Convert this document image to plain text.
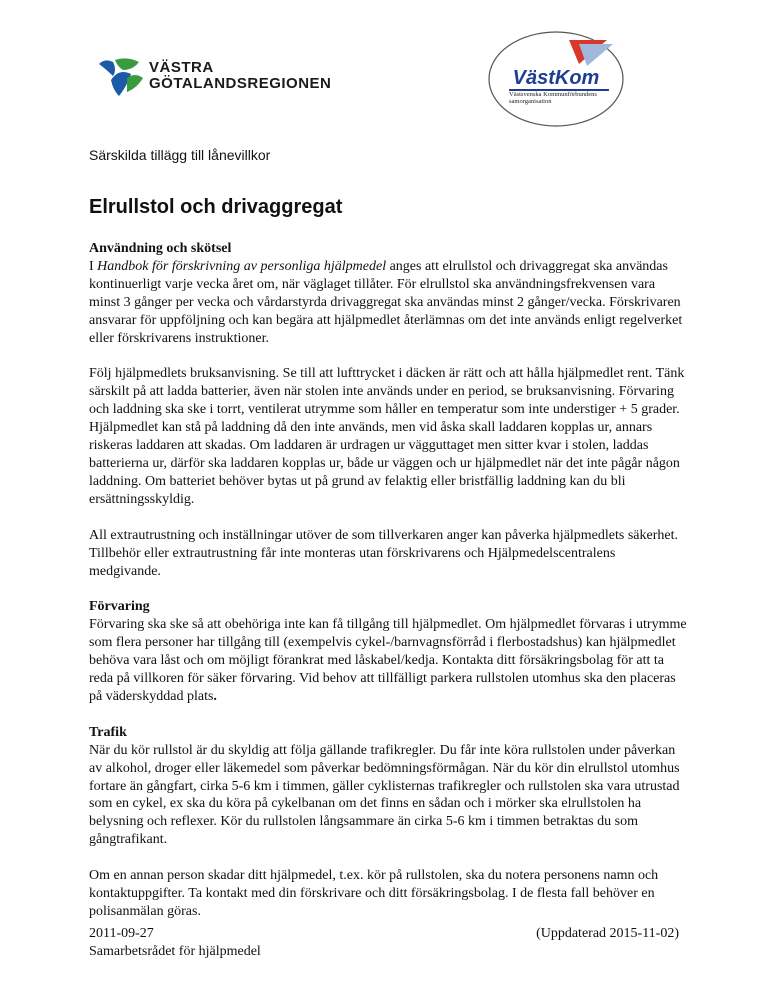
VÄSTRA
GÖTALANDSREGIONEN	VästKom
Västsvenska Kommunförbundens samorganisation
Särskilda tillägg till lånevillkor
Elrullstol och drivaggregat

Användning och skötsel
I Handbok för förskrivning av personliga hjälpmedel anges att elrullstol och drivaggregat ska användas kontinuerligt varje vecka året om, när väglaget tillåter. För elrullstol ska användningsfrekvensen vara minst 3 gånger per vecka och vårdarstyrda drivaggregat ska användas minst 2 gånger/vecka. Förskrivaren ansvarar för uppföljning och kan begära att hjälpmedlet återlämnas om det inte används enligt regelverket eller förskrivarens instruktioner.

Följ hjälpmedlets bruksanvisning. Se till att lufttrycket i däcken är rätt och att hålla hjälpmedlet rent. Tänk särskilt på att ladda batterier, även när stolen inte används under en period, se bruksanvisning. Förvaring och laddning ska ske i torrt, ventilerat utrymme som håller en temperatur som inte understiger + 5 grader. Hjälpmedlet kan stå på laddning då den inte används, men vid åska skall laddaren kopplas ur, annars riskeras laddaren att skadas. Om laddaren är urdragen ur vägguttaget men sitter kvar i stolen, laddas batterierna ur, därför ska laddaren kopplas ur, både ur väggen och ur hjälpmedlet när det inte pågår någon laddning. Om batteriet behöver bytas ut på grund av felaktig eller bristfällig laddning kan du bli ersättningsskyldig.

All extrautrustning och inställningar utöver de som tillverkaren anger kan påverka hjälpmedlets säkerhet. Tillbehör eller extrautrustning får inte monteras utan förskrivarens och Hjälpmedelscentralens medgivande.

Förvaring
Förvaring ska ske så att obehöriga inte kan få tillgång till hjälpmedlet. Om hjälpmedlet förvaras i utrymme som flera personer har tillgång till (exempelvis cykel-/barnvagnsförråd i flerbostadshus) kan hjälpmedlet behöva vara låst och om möjligt förankrat med låskabel/kedja. Kontakta ditt försäkringsbolag för att ta reda på villkoren för säker förvaring. Vid behov att tillfälligt parkera rullstolen utomhus ska den placeras på väderskyddad plats.

Trafik
När du kör rullstol är du skyldig att följa gällande trafikregler. Du får inte köra rullstolen under påverkan av alkohol, droger eller läkemedel som påverkar bedömningsförmågan. När du kör din elrullstol utomhus fortare än gångfart, cirka 5-6 km i timmen, gäller cyklisternas trafikregler och rullstolen ska vara utrustad som en cykel, ex ska du köra på cykelbanan om det finns en sådan och i mörker ska elrullstolen ha belysning och reflexer. Kör du rullstolen långsammare än cirka 5-6 km i timmen betraktas du som gångtrafikant.

Om en annan person skadar ditt hjälpmedel, t.ex. kör på rullstolen, ska du notera personens namn och kontaktuppgifter. Ta kontakt med din förskrivare och ditt försäkringsbolag. I de flesta fall behöver en polisanmälan göras.

2011-09-27
Samarbetsrådet för hjälpmedel
(Uppdaterad 2015-11-02)
